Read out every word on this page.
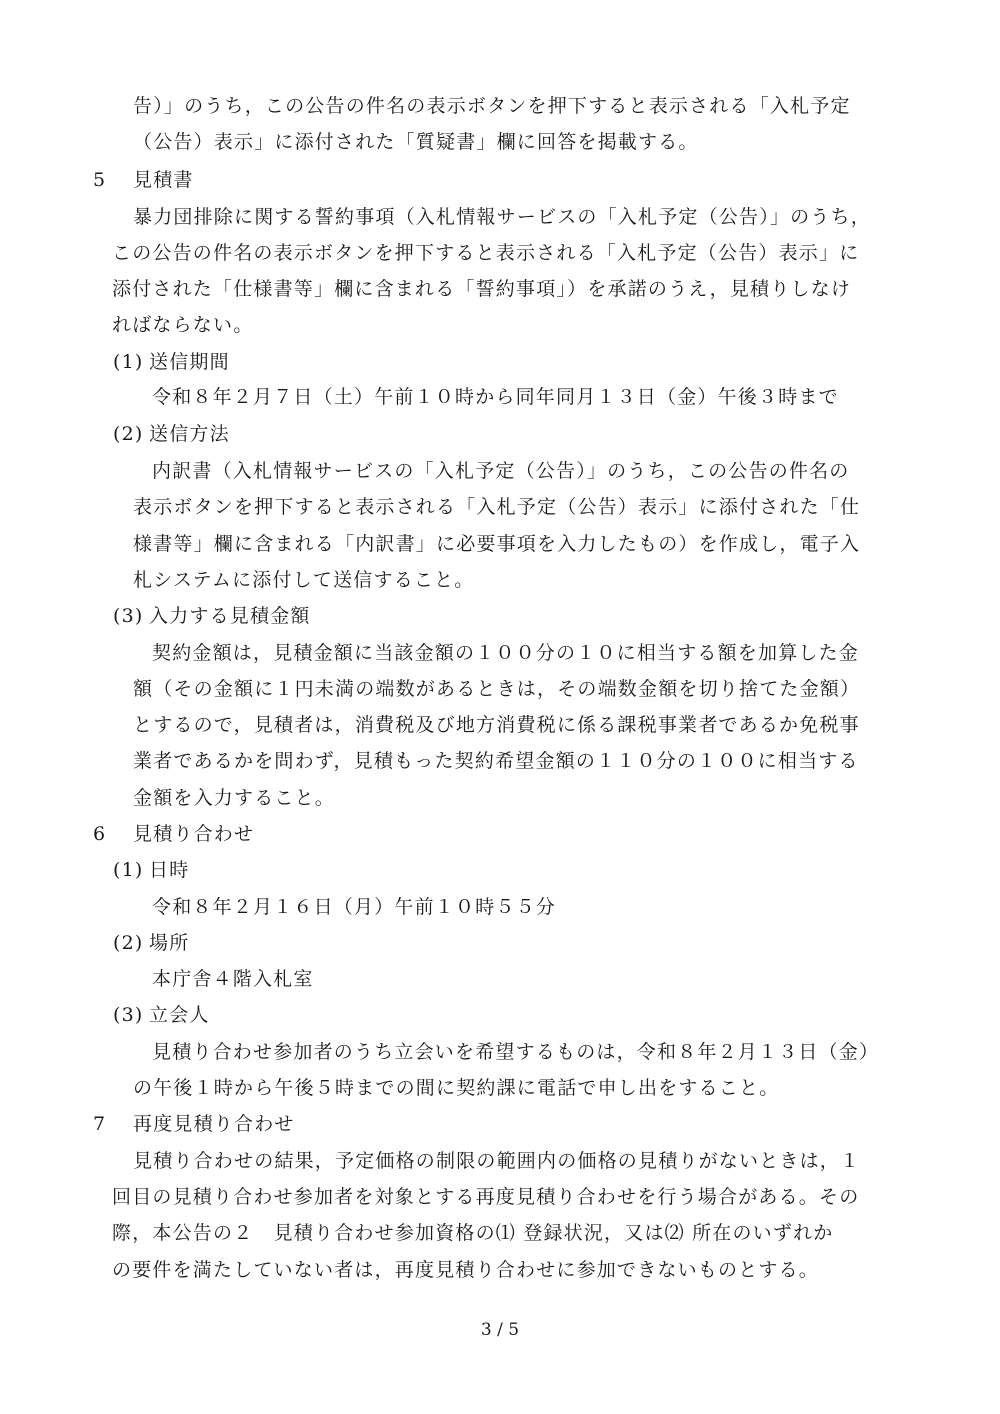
告）」のうち，この公告の件名の表示ボタンを押下すると表示される「入札予定
（公告）表示」に添付された「質疑書」欄に回答を掲載する。
5 見積書
暴力団排除に関する誓約事項（入札情報サービスの「入札予定（公告）」のうち，
この公告の件名の表示ボタンを押下すると表示される「入札予定（公告）表示」に
添付された「仕様書等」欄に含まれる「誓約事項」）を承諾のうえ，見積りしなけ
ればならない。
(1) 送信期間
令和８年２月７日（土）午前１０時から同年同月１３日（金）午後３時まで
(2) 送信方法
内訳書（入札情報サービスの「入札予定（公告）」のうち，この公告の件名の
表示ボタンを押下すると表示される「入札予定（公告）表示」に添付された「仕
様書等」欄に含まれる「内訳書」に必要事項を入力したもの）を作成し，電子入
札システムに添付して送信すること。
(3) 入力する見積金額
契約金額は，見積金額に当該金額の１００分の１０に相当する額を加算した金
額（その金額に１円未満の端数があるときは，その端数金額を切り捨てた金額）
とするので，見積者は，消費税及び地方消費税に係る課税事業者であるか免税事
業者であるかを問わず，見積もった契約希望金額の１１０分の１００に相当する
金額を入力すること。
6 見積り合わせ
(1) 日時
令和８年２月１６日（月）午前１０時５５分
(2) 場所
本庁舎４階入札室
(3) 立会人
見積り合わせ参加者のうち立会いを希望するものは，令和８年２月１３日（金）
の午後１時から午後５時までの間に契約課に電話で申し出をすること。
7 再度見積り合わせ
見積り合わせの結果，予定価格の制限の範囲内の価格の見積りがないときは，１
回目の見積り合わせ参加者を対象とする再度見積り合わせを行う場合がある。その
際，本公告の２　見積り合わせ参加資格の⑴ 登録状況，又は⑵ 所在のいずれか
の要件を満たしていない者は，再度見積り合わせに参加できないものとする。
3 / 5
